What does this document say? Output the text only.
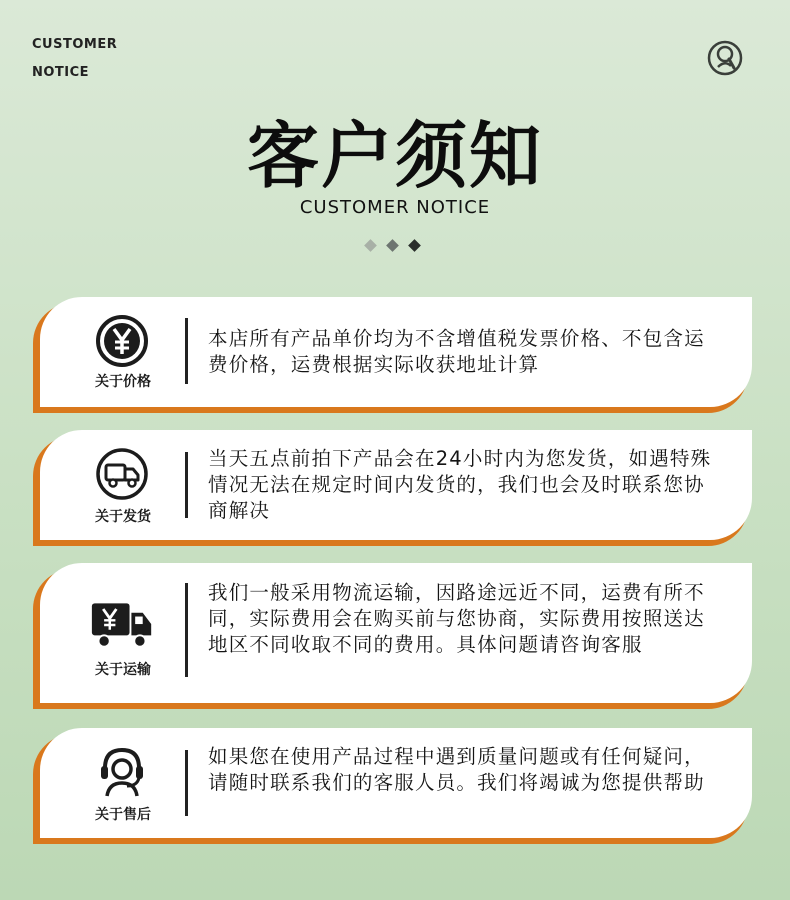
CUSTOMER
NOTICE
客户须知
CUSTOMER NOTICE
关于价格
本店所有产品单价均为不含增值税发票价格、不包含运费价格，运费根据实际收获地址计算
关于发货
当天五点前拍下产品会在24小时内为您发货，如遇特殊情况无法在规定时间内发货的，我们也会及时联系您协商解决
关于运输
我们一般采用物流运输，因路途远近不同，运费有所不同，实际费用会在购买前与您协商，实际费用按照送达地区不同收取不同的费用。具体问题请咨询客服
关于售后
如果您在使用产品过程中遇到质量问题或有任何疑问，请随时联系我们的客服人员。我们将竭诚为您提供帮助
